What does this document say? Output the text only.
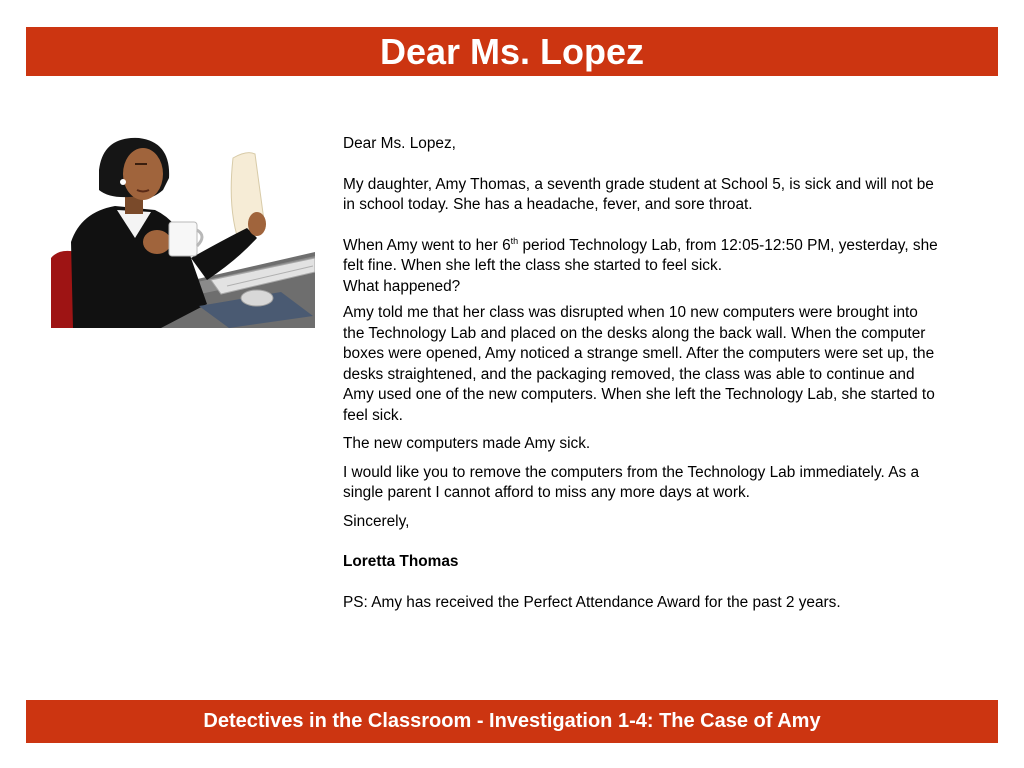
Dear Ms. Lopez

Dear Ms. Lopez,

My daughter, Amy Thomas, a seventh grade student at School 5, is sick and will not be in school today. She has a headache, fever, and sore throat.

When Amy went to her 6th period Technology Lab, from 12:05-12:50 PM, yesterday, she felt fine. When she left the class she started to feel sick.
What happened?

Amy told me that her class was disrupted when 10 new computers were brought into the Technology Lab and placed on the desks along the back wall. When the computer boxes were opened, Amy noticed a strange smell. After the computers were set up, the desks straightened, and the packaging removed, the class was able to continue and Amy used one of the new computers. When she left the Technology Lab, she started to feel sick.

The new computers made Amy sick.

I would like you to remove the computers from the Technology Lab immediately. As a single parent I cannot afford to miss any more days at work.

Sincerely,

Loretta Thomas

PS: Amy has received the Perfect Attendance Award for the past 2 years.

Detectives in the Classroom - Investigation 1-4: The Case of Amy
